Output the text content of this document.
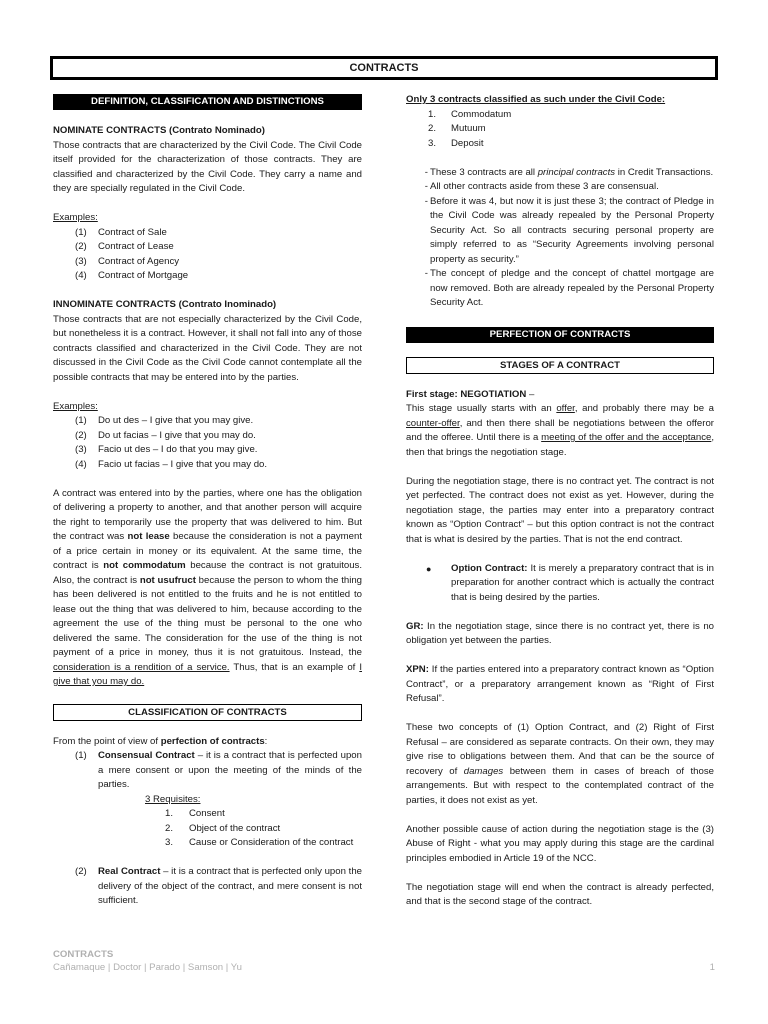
CONTRACTS
DEFINITION, CLASSIFICATION AND DISTINCTIONS

NOMINATE CONTRACTS (Contrato Nominado)

Those contracts that are characterized by the Civil Code. The Civil Code itself provided for the characterization of those contracts. They are classified and characterized by the Civil Code. They carry a name and they are specially regulated in the Civil Code.

Examples:

(1) Contract of Sale
(2) Contract of Lease
(3) Contract of Agency
(4) Contract of Mortgage

INNOMINATE CONTRACTS (Contrato Inominado)

Those contracts that are not especially characterized by the Civil Code, but nonetheless it is a contract. However, it shall not fall into any of those contracts classified and characterized in the Civil Code. They are not discussed in the Civil Code as the Civil Code cannot contemplate all the possible contracts that may be entered into by the parties.

Examples:

(1) Do ut des – I give that you may give.
(2) Do ut facias – I give that you may do.
(3) Facio ut des – I do that you may give.
(4) Facio ut facias – I give that you may do.

A contract was entered into by the parties, where one has the obligation of delivering a property to another, and that another person will acquire the right to temporarily use the property that was delivered to him. But the contract was not lease because the consideration is not a payment of a price certain in money or its equivalent. At the same time, the contract is not commodatum because the contract is not gratuitous. Also, the contract is not usufruct because the person to whom the thing has been delivered is not entitled to the fruits and he is not entitled to lease out the thing that was delivered to him, because according to the agreement the use of the thing must be personal to the one who delivered the same. The consideration for the use of the thing is not payment of a price in money, thus it is not gratuitous. Instead, the consideration is a rendition of a service. Thus, that is an example of I give that you may do.

CLASSIFICATION OF CONTRACTS

From the point of view of perfection of contracts:

(1) Consensual Contract – it is a contract that is perfected upon a mere consent or upon the meeting of the minds of the parties.

3 Requisites:

1. Consent
2. Object of the contract
3. Cause or Consideration of the contract
(2) Real Contract – it is a contract that is perfected only upon the delivery of the object of the contract, and mere consent is not sufficient.

Only 3 contracts classified as such under the Civil Code:

1. Commodatum
2. Mutuum
3. Deposit
- These 3 contracts are all principal contracts in Credit Transactions.
- All other contracts aside from these 3 are consensual.
- Before it was 4, but now it is just these 3; the contract of Pledge in the Civil Code was already repealed by the Personal Property Security Act. So all contracts securing personal property are simply referred to as “Security Agreements involving personal property as security.”
- The concept of pledge and the concept of chattel mortgage are now removed. Both are already repealed by the Personal Property Security Act.
PERFECTION OF CONTRACTS
STAGES OF A CONTRACT

First stage: NEGOTIATION –

This stage usually starts with an offer, and probably there may be a counter-offer, and then there shall be negotiations between the offeror and the offeree. Until there is a meeting of the offer and the acceptance, then that brings the negotiation stage.

During the negotiation stage, there is no contract yet. The contract is not yet perfected. The contract does not exist as yet. However, during the negotiation stage, the parties may enter into a preparatory contract known as “Option Contract” – but this option contract is not the contract that is what is desired by the parties. That is not the end contract.

● Option Contract: It is merely a preparatory contract that is in preparation for another contract which is actually the contract that is being desired by the parties.

GR: In the negotiation stage, since there is no contract yet, there is no obligation yet between the parties.

XPN: If the parties entered into a preparatory contract known as “Option Contract”, or a preparatory arrangement known as “Right of First Refusal”.

These two concepts of (1) Option Contract, and (2) Right of First Refusal – are considered as separate contracts. On their own, they may give rise to obligations between them. And that can be the source of recovery of damages between them in cases of breach of those arrangements. But with respect to the contemplated contract of the parties, it does not exist as yet.

Another possible cause of action during the negotiation stage is the (3) Abuse of Right - what you may apply during this stage are the cardinal principles embodied in Article 19 of the NCC.

The negotiation stage will end when the contract is already perfected, and that is the second stage of the contract.

CONTRACTS
Cañamaque | Doctor | Parado | Samson | Yu	1
